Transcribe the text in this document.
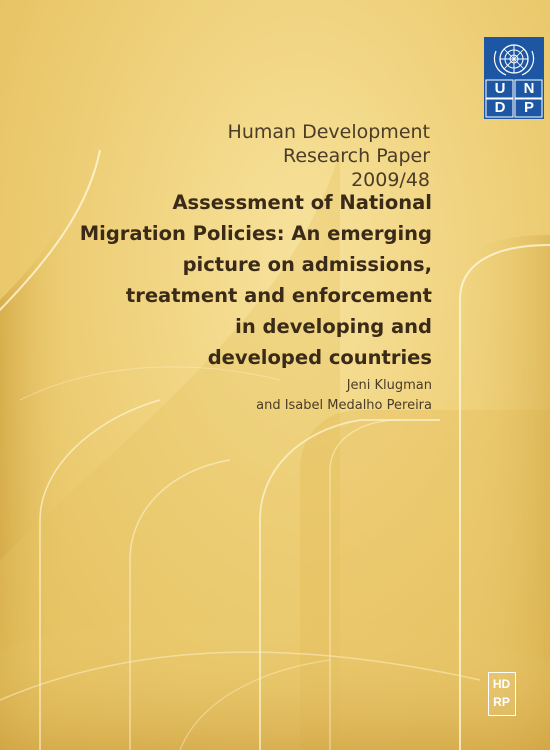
U	N
D	P
Human Development
Research Paper
2009/48
Assessment of National
Migration Policies: An emerging
picture on admissions,
treatment and enforcement
in developing and
developed countries
Jeni Klugman
and Isabel Medalho Pereira
HD
RP
